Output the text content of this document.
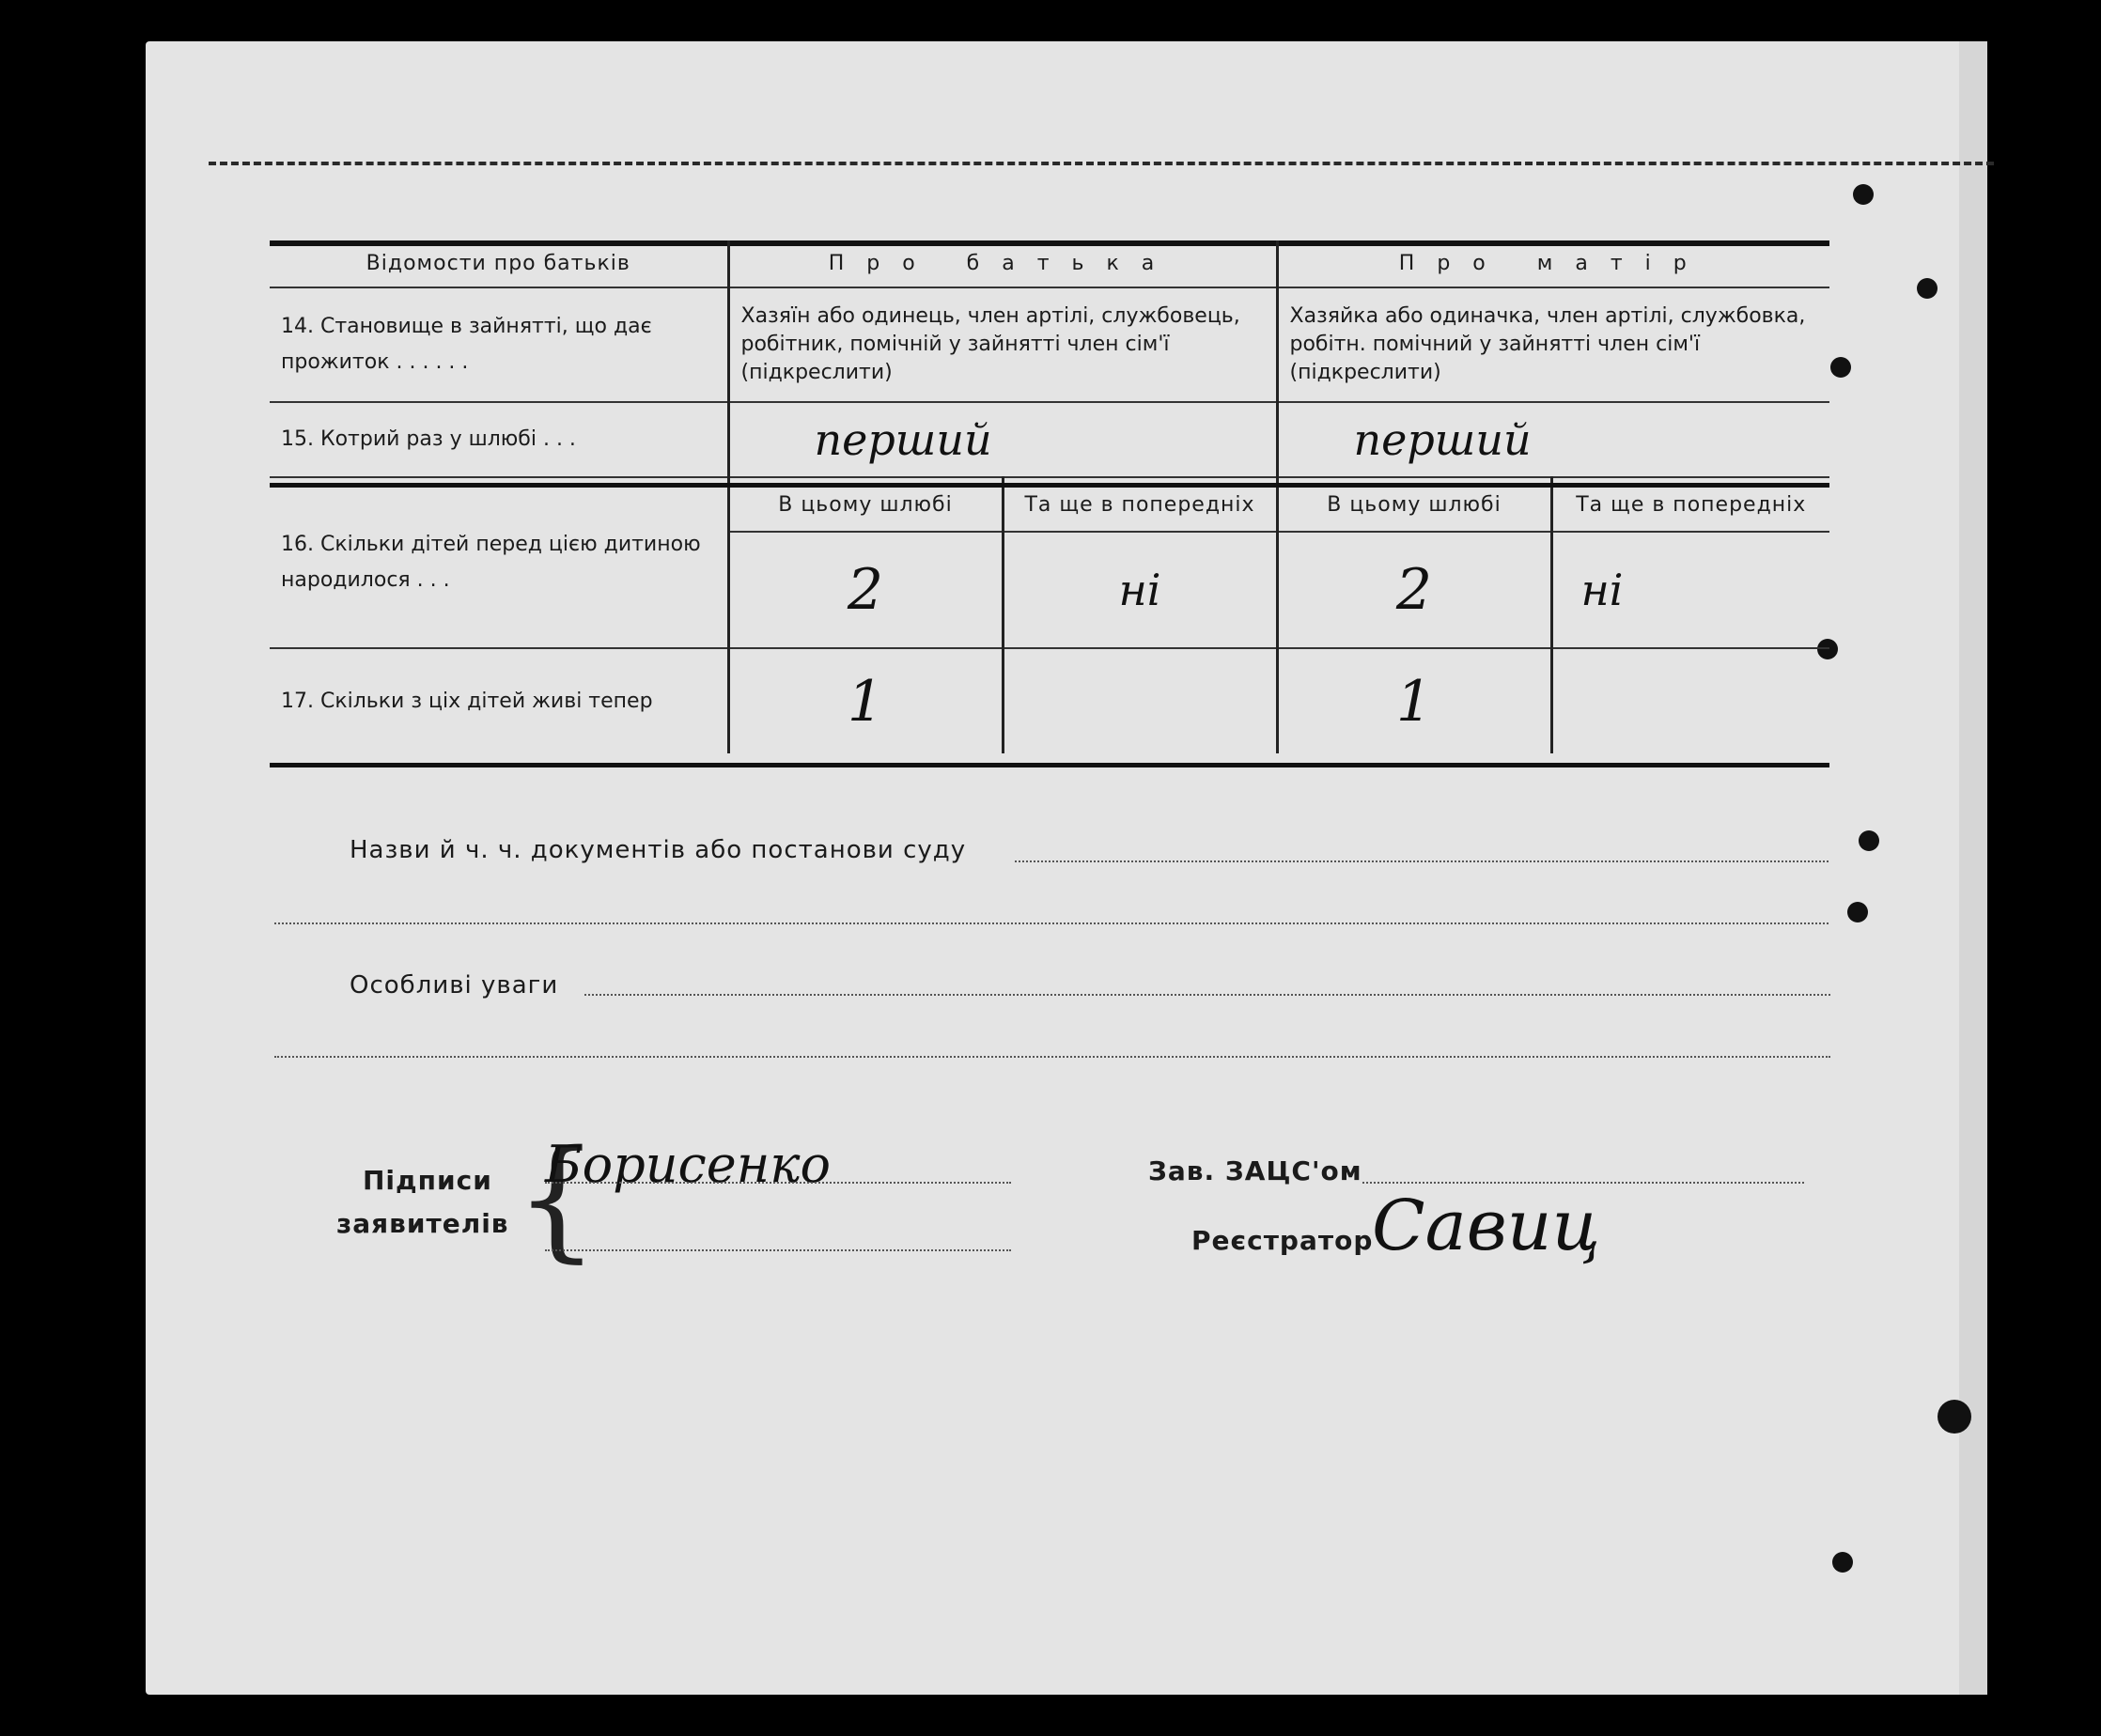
Відомости про батьків	Про батька		Про матір	
14. Становище в зайнятті, що дає прожиток . . . . . .	Хазяїн або одинець, член артілі, службовець, робітник, помічній у зайнятті член сім'ї (підкреслити)		Хазяйка або одиначка, член артілі, службовка, робітн. помічний у зайнятті член сім'ї (підкреслити)	
15. Котрий раз у шлюбі . . .	перший		перший	
16. Скільки дітей перед цією дитиною народилося . . .	В цьому шлюбі	Та ще в попередніх	В цьому шлюбі	Та ще в попередніх
	2	ні	2	ні
17. Скільки з ціх дітей живі тепер	1		1	
Назви й ч. ч. документів або постанови суду
Особливі уваги
Підписи
заявителів {
Борисенко	Зав. ЗАЦС'ом
Реєстратор
Савиц
